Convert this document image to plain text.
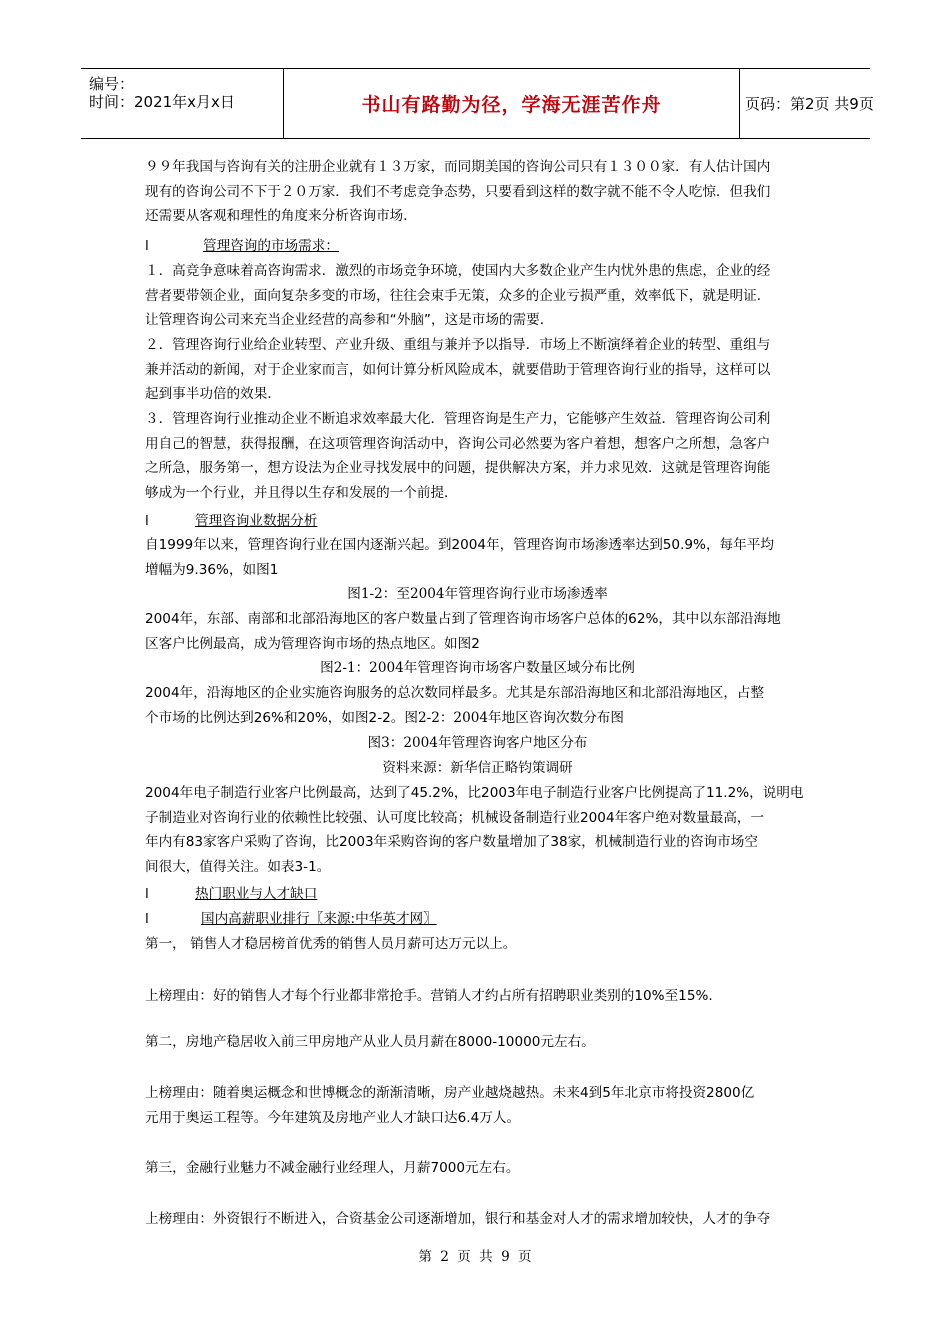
编号：
时间：2021年x月x日	书山有路勤为径，学海无涯苦作舟	页码：第2页 共9页
９９年我国与咨询有关的注册企业就有１３万家，而同期美国的咨询公司只有１３００家．有人估计国内
现有的咨询公司不下于２０万家．我们不考虑竞争态势，只要看到这样的数字就不能不令人吃惊．但我们
还需要从客观和理性的角度来分析咨询市场．
l	管理咨询的市场需求：
１．高竞争意味着高咨询需求．激烈的市场竞争环境，使国内大多数企业产生内忧外患的焦虑，企业的经
营者要带领企业，面向复杂多变的市场，往往会束手无策，众多的企业亏损严重，效率低下，就是明证．
让管理咨询公司来充当企业经营的高参和“外脑”，这是市场的需要．
２．管理咨询行业给企业转型、产业升级、重组与兼并予以指导．市场上不断演绎着企业的转型、重组与
兼并活动的新闻，对于企业家而言，如何计算分析风险成本，就要借助于管理咨询行业的指导，这样可以
起到事半功倍的效果．
３．管理咨询行业推动企业不断追求效率最大化．管理咨询是生产力，它能够产生效益．管理咨询公司利
用自己的智慧，获得报酬，在这项管理咨询活动中，咨询公司必然要为客户着想，想客户之所想，急客户
之所急，服务第一，想方设法为企业寻找发展中的问题，提供解决方案，并力求见效．这就是管理咨询能
够成为一个行业，并且得以生存和发展的一个前提．
l	管理咨询业数据分析
自1999年以来，管理咨询行业在国内逐渐兴起。到2004年，管理咨询市场渗透率达到50.9%，每年平均
增幅为9.36%，如图1
图1-2：至2004年管理咨询行业市场渗透率
2004年，东部、南部和北部沿海地区的客户数量占到了管理咨询市场客户总体的62%，其中以东部沿海地
区客户比例最高，成为管理咨询市场的热点地区。如图2
图2-1：2004年管理咨询市场客户数量区域分布比例
2004年，沿海地区的企业实施咨询服务的总次数同样最多。尤其是东部沿海地区和北部沿海地区，占整
个市场的比例达到26%和20%，如图2-2。图2-2：2004年地区咨询次数分布图
图3：2004年管理咨询客户地区分布
资料来源：新华信正略钧策调研
2004年电子制造行业客户比例最高，达到了45.2%，比2003年电子制造行业客户比例提高了11.2%，说明电
子制造业对咨询行业的依赖性比较强、认可度比较高；机械设备制造行业2004年客户绝对数量最高，一
年内有83家客户采购了咨询，比2003年采购咨询的客户数量增加了38家，机械制造行业的咨询市场空
间很大，值得关注。如表3-1。
l	热门职业与人才缺口
l	国内高薪职业排行〖来源:中华英才网〗
第一， 销售人才稳居榜首优秀的销售人员月薪可达万元以上。
上榜理由：好的销售人才每个行业都非常抢手。营销人才约占所有招聘职业类别的10%至15%.
第二，房地产稳居收入前三甲房地产从业人员月薪在8000-10000元左右。
上榜理由：随着奥运概念和世博概念的渐渐清晰，房产业越烧越热。未来4到5年北京市将投资2800亿
元用于奥运工程等。今年建筑及房地产业人才缺口达6.4万人。
第三，金融行业魅力不减金融行业经理人，月薪7000元左右。
上榜理由：外资银行不断进入，合资基金公司逐渐增加，银行和基金对人才的需求增加较快，人才的争夺
第 2 页 共 9 页
